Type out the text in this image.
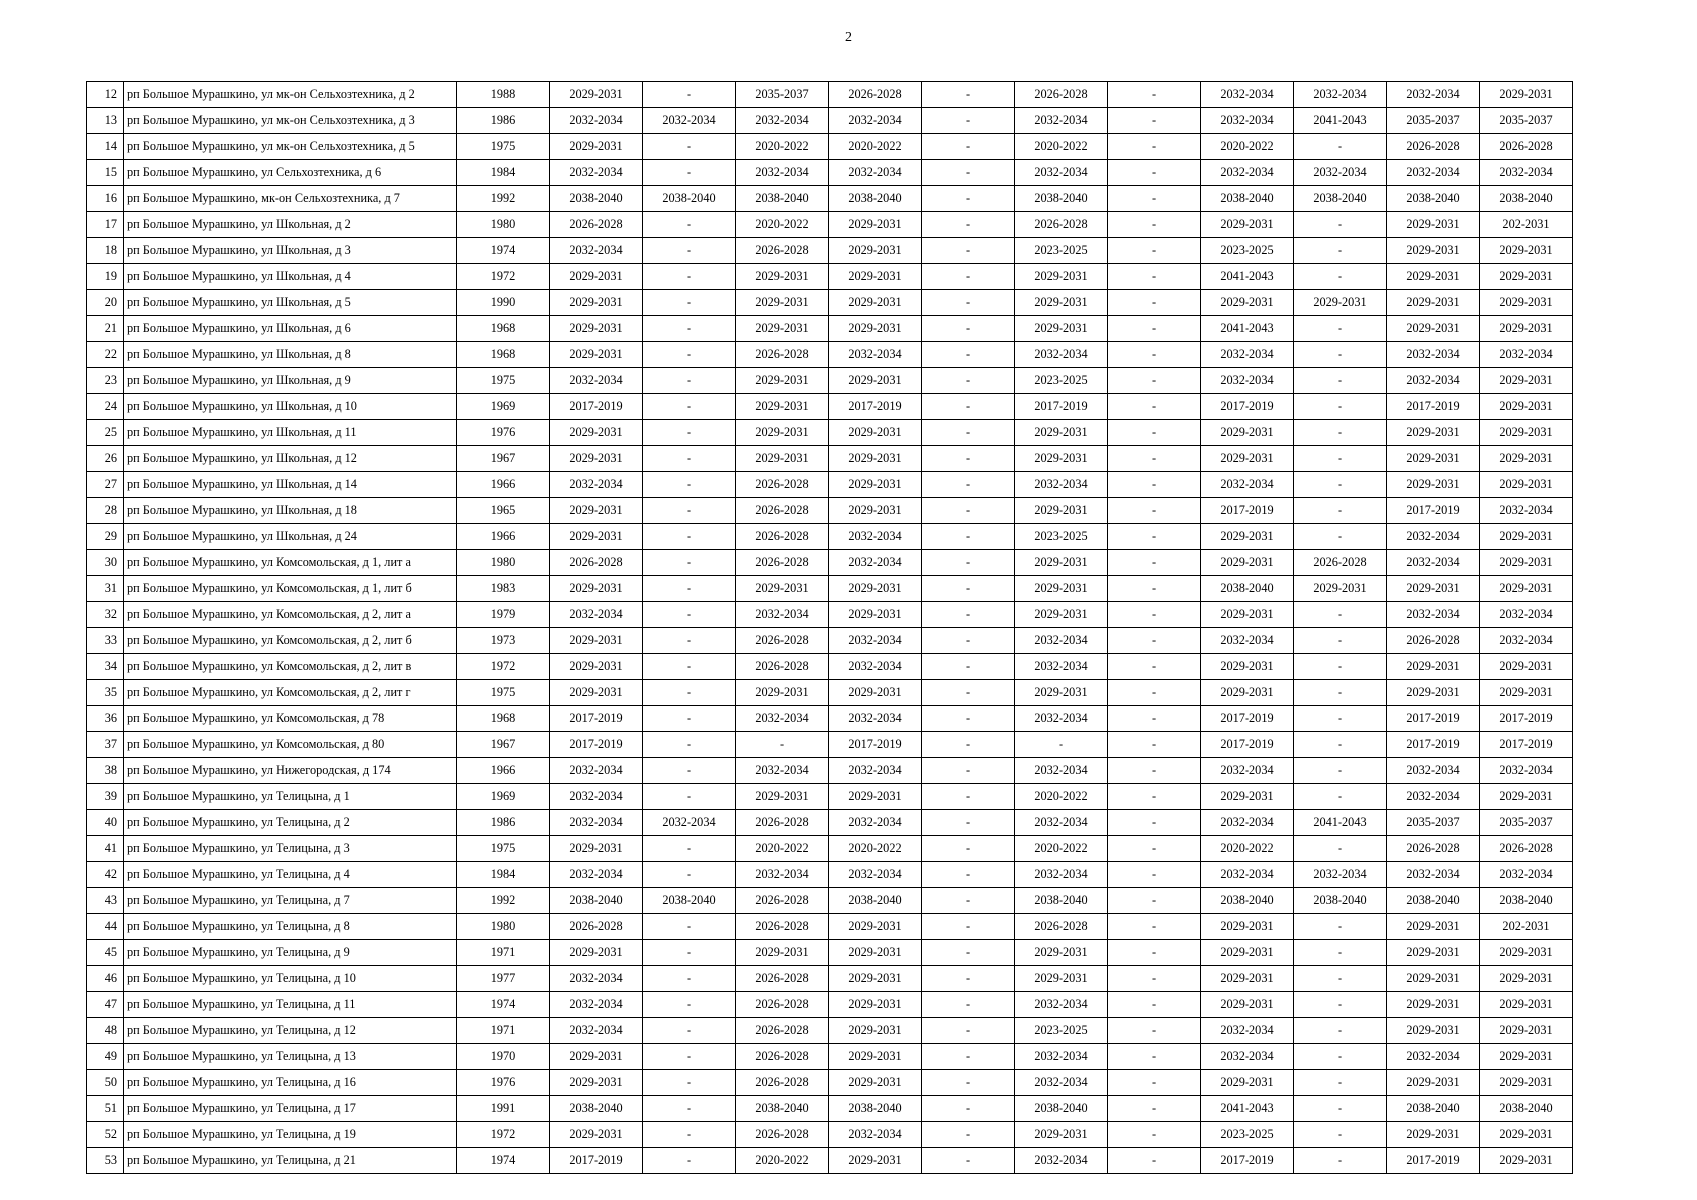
2
12	рп Большое Мурашкино, ул мк-он Сельхозтехника, д 2	1988	2029-2031	-	2035-2037	2026-2028	-	2026-2028	-	2032-2034	2032-2034	2032-2034	2029-2031
13	рп Большое Мурашкино, ул мк-он Сельхозтехника, д 3	1986	2032-2034	2032-2034	2032-2034	2032-2034	-	2032-2034	-	2032-2034	2041-2043	2035-2037	2035-2037
14	рп Большое Мурашкино, ул мк-он Сельхозтехника, д 5	1975	2029-2031	-	2020-2022	2020-2022	-	2020-2022	-	2020-2022	-	2026-2028	2026-2028
15	рп Большое Мурашкино, ул Сельхозтехника, д 6	1984	2032-2034	-	2032-2034	2032-2034	-	2032-2034	-	2032-2034	2032-2034	2032-2034	2032-2034
16	рп Большое Мурашкино, мк-он Сельхозтехника, д 7	1992	2038-2040	2038-2040	2038-2040	2038-2040	-	2038-2040	-	2038-2040	2038-2040	2038-2040	2038-2040
17	рп Большое Мурашкино, ул Школьная, д 2	1980	2026-2028	-	2020-2022	2029-2031	-	2026-2028	-	2029-2031	-	2029-2031	202-2031
18	рп Большое Мурашкино, ул Школьная, д 3	1974	2032-2034	-	2026-2028	2029-2031	-	2023-2025	-	2023-2025	-	2029-2031	2029-2031
19	рп Большое Мурашкино, ул Школьная, д 4	1972	2029-2031	-	2029-2031	2029-2031	-	2029-2031	-	2041-2043	-	2029-2031	2029-2031
20	рп Большое Мурашкино, ул Школьная, д 5	1990	2029-2031	-	2029-2031	2029-2031	-	2029-2031	-	2029-2031	2029-2031	2029-2031	2029-2031
21	рп Большое Мурашкино, ул Школьная, д 6	1968	2029-2031	-	2029-2031	2029-2031	-	2029-2031	-	2041-2043	-	2029-2031	2029-2031
22	рп Большое Мурашкино, ул Школьная, д 8	1968	2029-2031	-	2026-2028	2032-2034	-	2032-2034	-	2032-2034	-	2032-2034	2032-2034
23	рп Большое Мурашкино, ул Школьная, д 9	1975	2032-2034	-	2029-2031	2029-2031	-	2023-2025	-	2032-2034	-	2032-2034	2029-2031
24	рп Большое Мурашкино, ул Школьная, д 10	1969	2017-2019	-	2029-2031	2017-2019	-	2017-2019	-	2017-2019	-	2017-2019	2029-2031
25	рп Большое Мурашкино, ул Школьная, д 11	1976	2029-2031	-	2029-2031	2029-2031	-	2029-2031	-	2029-2031	-	2029-2031	2029-2031
26	рп Большое Мурашкино, ул Школьная, д 12	1967	2029-2031	-	2029-2031	2029-2031	-	2029-2031	-	2029-2031	-	2029-2031	2029-2031
27	рп Большое Мурашкино, ул Школьная, д 14	1966	2032-2034	-	2026-2028	2029-2031	-	2032-2034	-	2032-2034	-	2029-2031	2029-2031
28	рп Большое Мурашкино, ул Школьная, д 18	1965	2029-2031	-	2026-2028	2029-2031	-	2029-2031	-	2017-2019	-	2017-2019	2032-2034
29	рп Большое Мурашкино, ул Школьная, д 24	1966	2029-2031	-	2026-2028	2032-2034	-	2023-2025	-	2029-2031	-	2032-2034	2029-2031
30	рп Большое Мурашкино, ул Комсомольская, д 1, лит а	1980	2026-2028	-	2026-2028	2032-2034	-	2029-2031	-	2029-2031	2026-2028	2032-2034	2029-2031
31	рп Большое Мурашкино, ул Комсомольская, д 1, лит б	1983	2029-2031	-	2029-2031	2029-2031	-	2029-2031	-	2038-2040	2029-2031	2029-2031	2029-2031
32	рп Большое Мурашкино, ул Комсомольская, д 2, лит а	1979	2032-2034	-	2032-2034	2029-2031	-	2029-2031	-	2029-2031	-	2032-2034	2032-2034
33	рп Большое Мурашкино, ул Комсомольская, д 2, лит б	1973	2029-2031	-	2026-2028	2032-2034	-	2032-2034	-	2032-2034	-	2026-2028	2032-2034
34	рп Большое Мурашкино, ул Комсомольская, д 2, лит в	1972	2029-2031	-	2026-2028	2032-2034	-	2032-2034	-	2029-2031	-	2029-2031	2029-2031
35	рп Большое Мурашкино, ул Комсомольская, д 2, лит г	1975	2029-2031	-	2029-2031	2029-2031	-	2029-2031	-	2029-2031	-	2029-2031	2029-2031
36	рп Большое Мурашкино, ул Комсомольская, д 78	1968	2017-2019	-	2032-2034	2032-2034	-	2032-2034	-	2017-2019	-	2017-2019	2017-2019
37	рп Большое Мурашкино, ул Комсомольская, д 80	1967	2017-2019	-	-	2017-2019	-	-	-	2017-2019	-	2017-2019	2017-2019
38	рп Большое Мурашкино, ул Нижегородская, д 174	1966	2032-2034	-	2032-2034	2032-2034	-	2032-2034	-	2032-2034	-	2032-2034	2032-2034
39	рп Большое Мурашкино, ул Телицына, д 1	1969	2032-2034	-	2029-2031	2029-2031	-	2020-2022	-	2029-2031	-	2032-2034	2029-2031
40	рп Большое Мурашкино, ул Телицына, д 2	1986	2032-2034	2032-2034	2026-2028	2032-2034	-	2032-2034	-	2032-2034	2041-2043	2035-2037	2035-2037
41	рп Большое Мурашкино, ул Телицына, д 3	1975	2029-2031	-	2020-2022	2020-2022	-	2020-2022	-	2020-2022	-	2026-2028	2026-2028
42	рп Большое Мурашкино, ул Телицына, д 4	1984	2032-2034	-	2032-2034	2032-2034	-	2032-2034	-	2032-2034	2032-2034	2032-2034	2032-2034
43	рп Большое Мурашкино, ул Телицына, д 7	1992	2038-2040	2038-2040	2026-2028	2038-2040	-	2038-2040	-	2038-2040	2038-2040	2038-2040	2038-2040
44	рп Большое Мурашкино, ул Телицына, д 8	1980	2026-2028	-	2026-2028	2029-2031	-	2026-2028	-	2029-2031	-	2029-2031	202-2031
45	рп Большое Мурашкино, ул Телицына, д 9	1971	2029-2031	-	2029-2031	2029-2031	-	2029-2031	-	2029-2031	-	2029-2031	2029-2031
46	рп Большое Мурашкино, ул Телицына, д 10	1977	2032-2034	-	2026-2028	2029-2031	-	2029-2031	-	2029-2031	-	2029-2031	2029-2031
47	рп Большое Мурашкино, ул Телицына, д 11	1974	2032-2034	-	2026-2028	2029-2031	-	2032-2034	-	2029-2031	-	2029-2031	2029-2031
48	рп Большое Мурашкино, ул Телицына, д 12	1971	2032-2034	-	2026-2028	2029-2031	-	2023-2025	-	2032-2034	-	2029-2031	2029-2031
49	рп Большое Мурашкино, ул Телицына, д 13	1970	2029-2031	-	2026-2028	2029-2031	-	2032-2034	-	2032-2034	-	2032-2034	2029-2031
50	рп Большое Мурашкино, ул Телицына, д 16	1976	2029-2031	-	2026-2028	2029-2031	-	2032-2034	-	2029-2031	-	2029-2031	2029-2031
51	рп Большое Мурашкино, ул Телицына, д 17	1991	2038-2040	-	2038-2040	2038-2040	-	2038-2040	-	2041-2043	-	2038-2040	2038-2040
52	рп Большое Мурашкино, ул Телицына, д 19	1972	2029-2031	-	2026-2028	2032-2034	-	2029-2031	-	2023-2025	-	2029-2031	2029-2031
53	рп Большое Мурашкино, ул Телицына, д 21	1974	2017-2019	-	2020-2022	2029-2031	-	2032-2034	-	2017-2019	-	2017-2019	2029-2031
